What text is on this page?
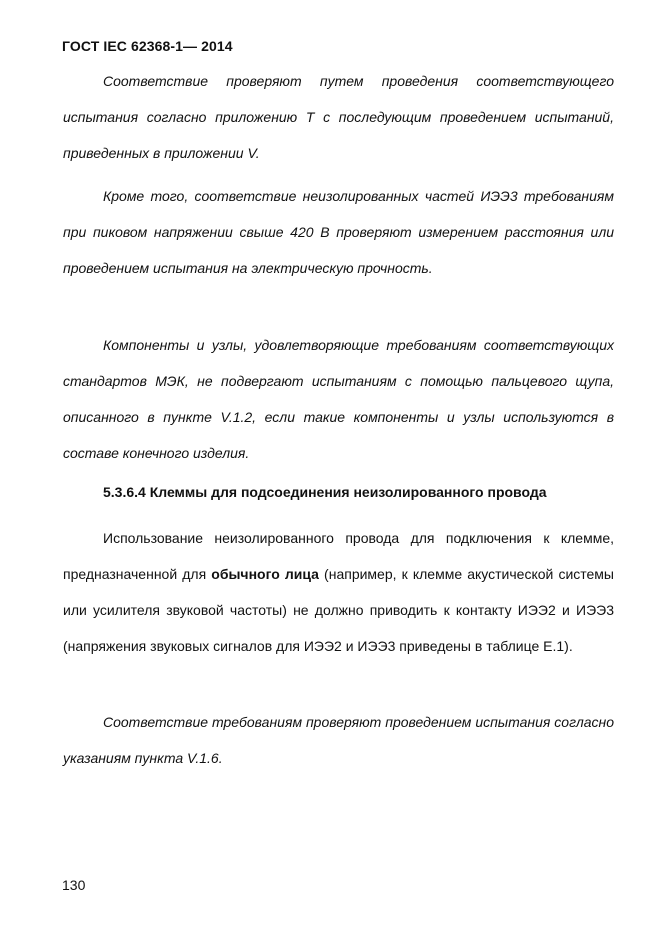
ГОСТ IEC 62368-1— 2014

Соответствие проверяют путем проведения соответствующего испытания согласно приложению Т с последующим проведением испытаний, приведенных в приложении V.

Кроме того, соответствие неизолированных частей ИЭЭ3 требованиям при пиковом напряжении свыше 420 В проверяют измерением расстояния или проведением испытания на электрическую прочность.

Компоненты и узлы, удовлетворяющие требованиям соответствующих стандартов МЭК, не подвергают испытаниям с помощью пальцевого щупа, описанного в пункте V.1.2, если такие компоненты и узлы используются в составе конечного изделия.

5.3.6.4 Клеммы для подсоединения неизолированного провода

Использование неизолированного провода для подключения к клемме, предназначенной для обычного лица (например, к клемме акустической системы или усилителя звуковой частоты) не должно приводить к контакту ИЭЭ2 и ИЭЭ3 (напряжения звуковых сигналов для ИЭЭ2 и ИЭЭ3 приведены в таблице Е.1).

Соответствие требованиям проверяют проведением испытания согласно указаниям пункта V.1.6.

130
